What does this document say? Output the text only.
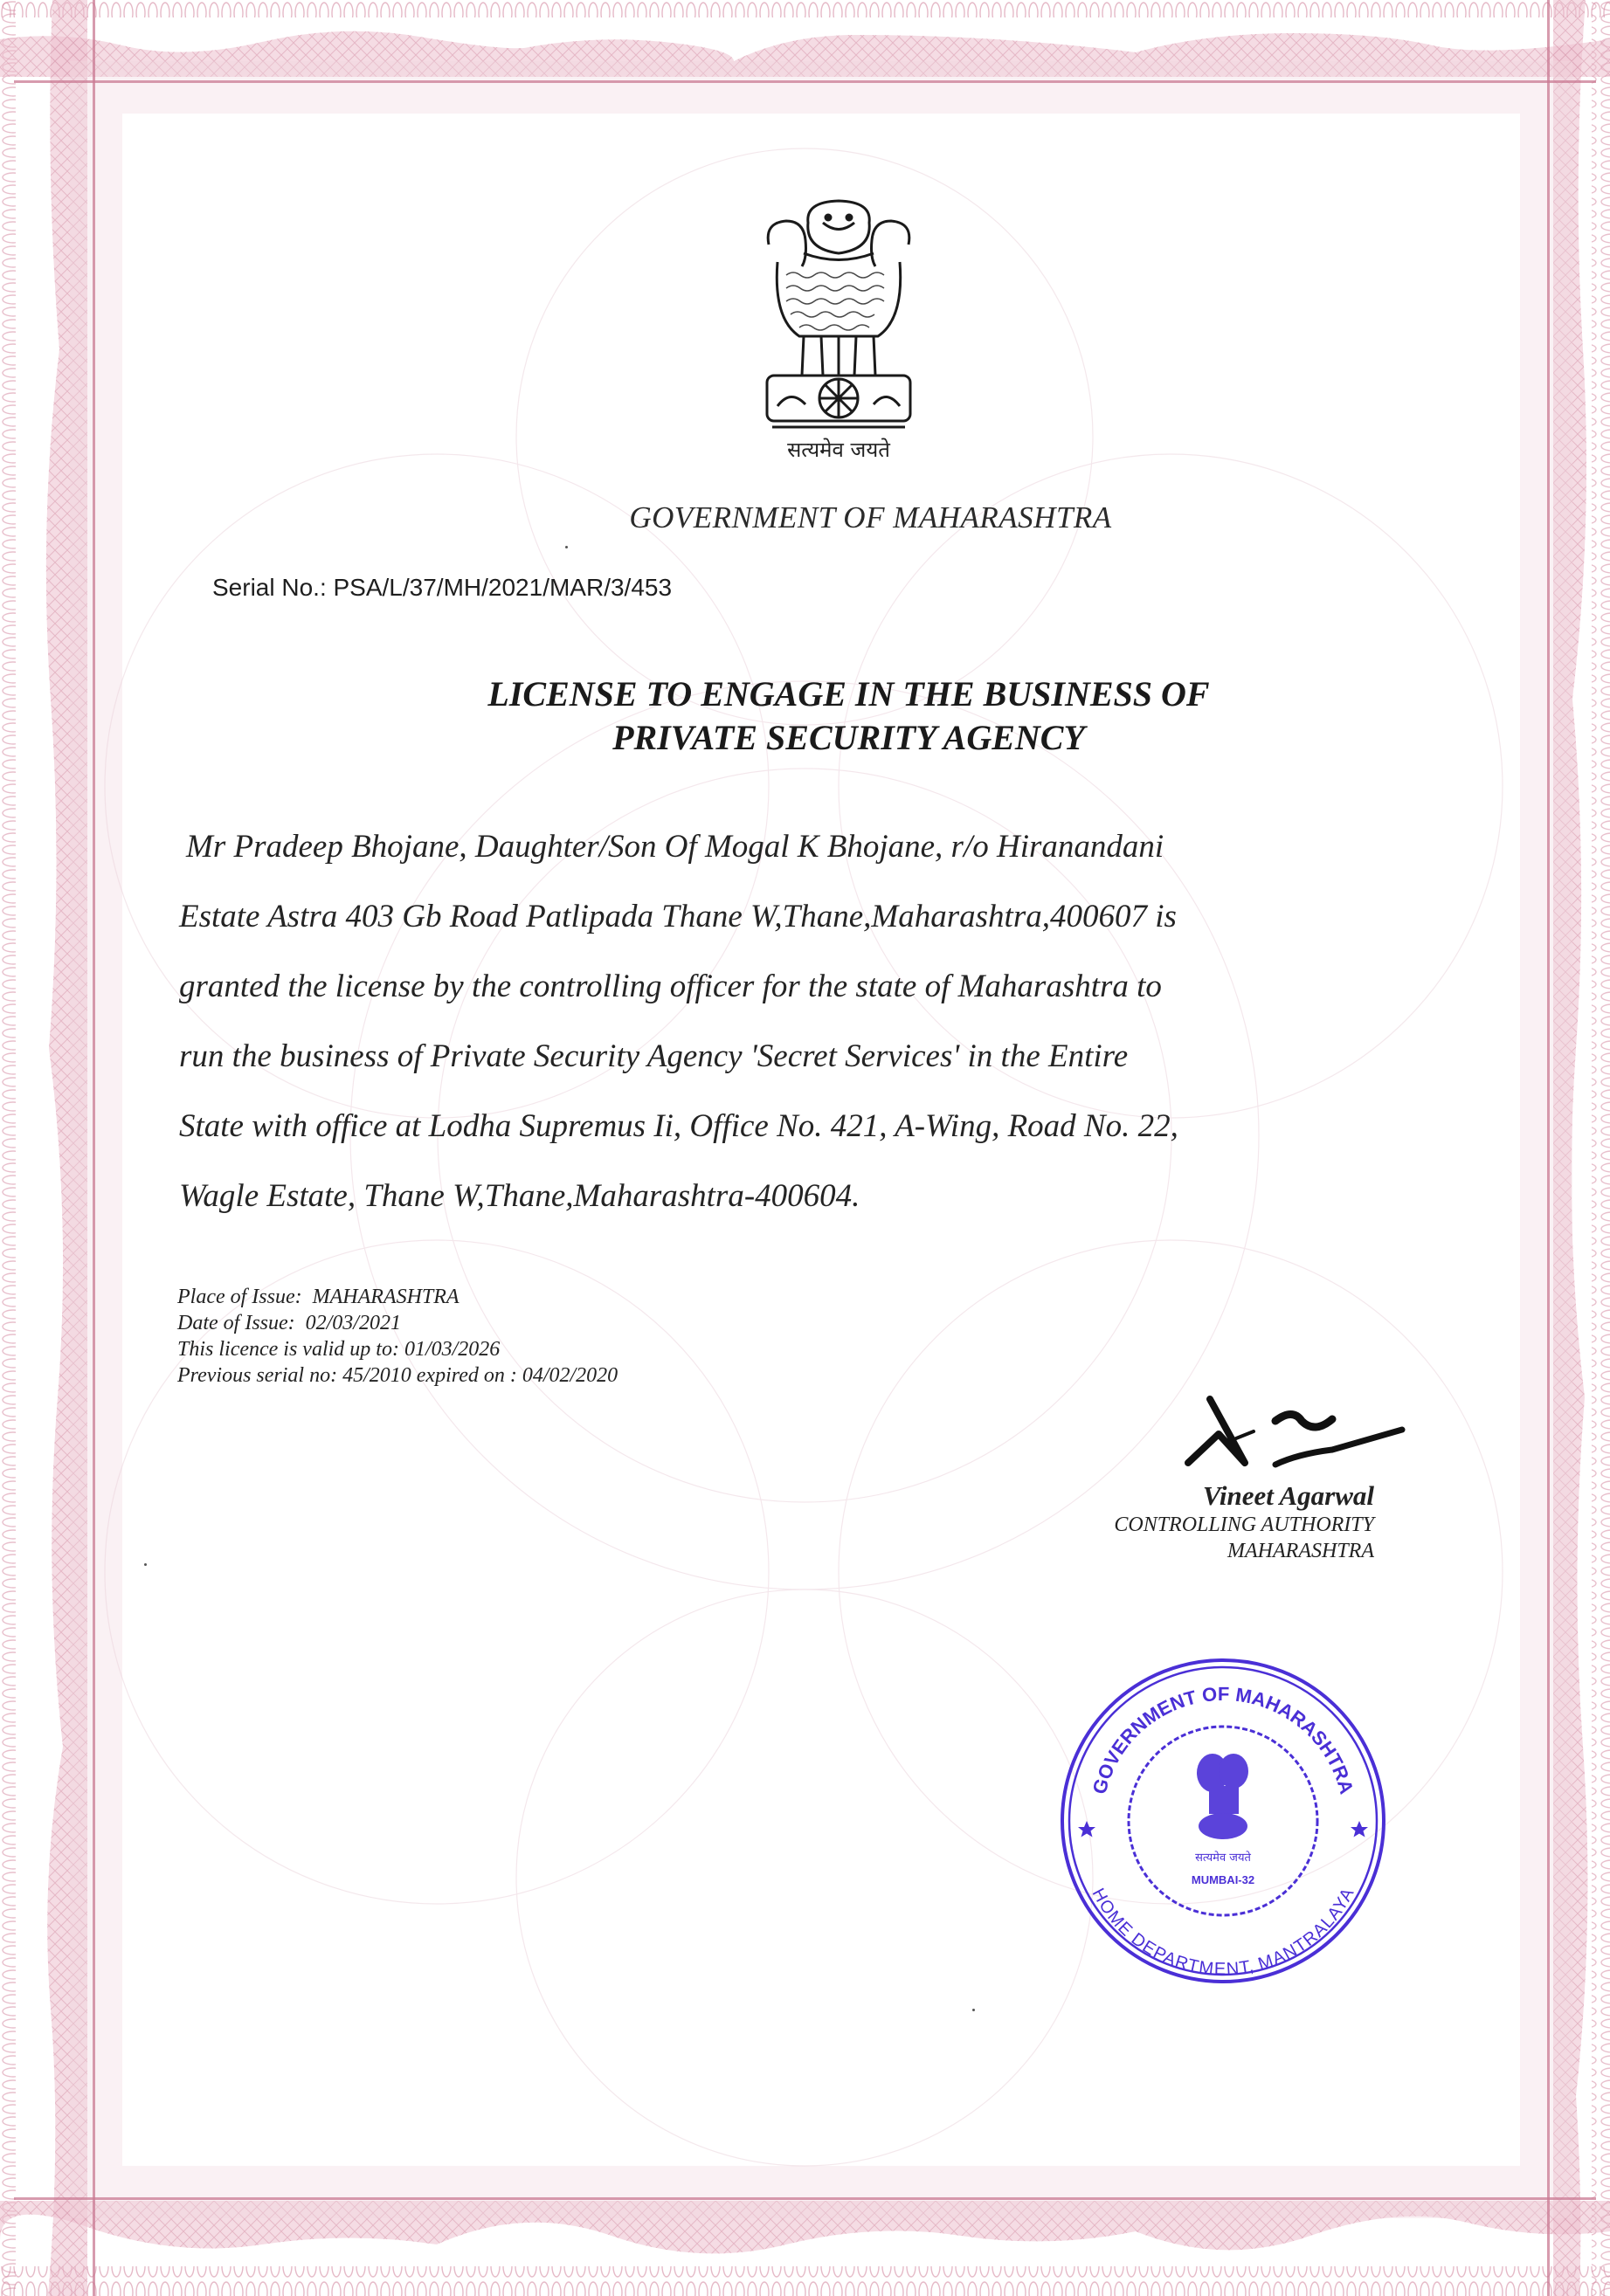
सत्यमेव जयते
GOVERNMENT OF MAHARASHTRA
Serial No.: PSA/L/37/MH/2021/MAR/3/453
LICENSE TO ENGAGE IN THE BUSINESS OF
PRIVATE SECURITY AGENCY
Mr Pradeep Bhojane, Daughter/Son Of Mogal K Bhojane, r/o Hiranandani
Estate Astra 403 Gb Road Patlipada Thane W,Thane,Maharashtra,400607 is
granted the license by the controlling officer for the state of Maharashtra to
run the business of Private Security Agency 'Secret Services' in the Entire
State with office at Lodha Supremus Ii, Office No. 421, A-Wing, Road No. 22,
Wagle Estate, Thane W,Thane,Maharashtra-400604.
Place of Issue: MAHARASHTRA
Date of Issue: 02/03/2021
This licence is valid up to: 01/03/2026
Previous serial no: 45/2010 expired on : 04/02/2020
Vineet Agarwal
CONTROLLING AUTHORITY
MAHARASHTRA
GOVERNMENT OF MAHARASHTRA
HOME DEPARTMENT, MANTRALAYA
सत्यमेव जयते
MUMBAI-32
